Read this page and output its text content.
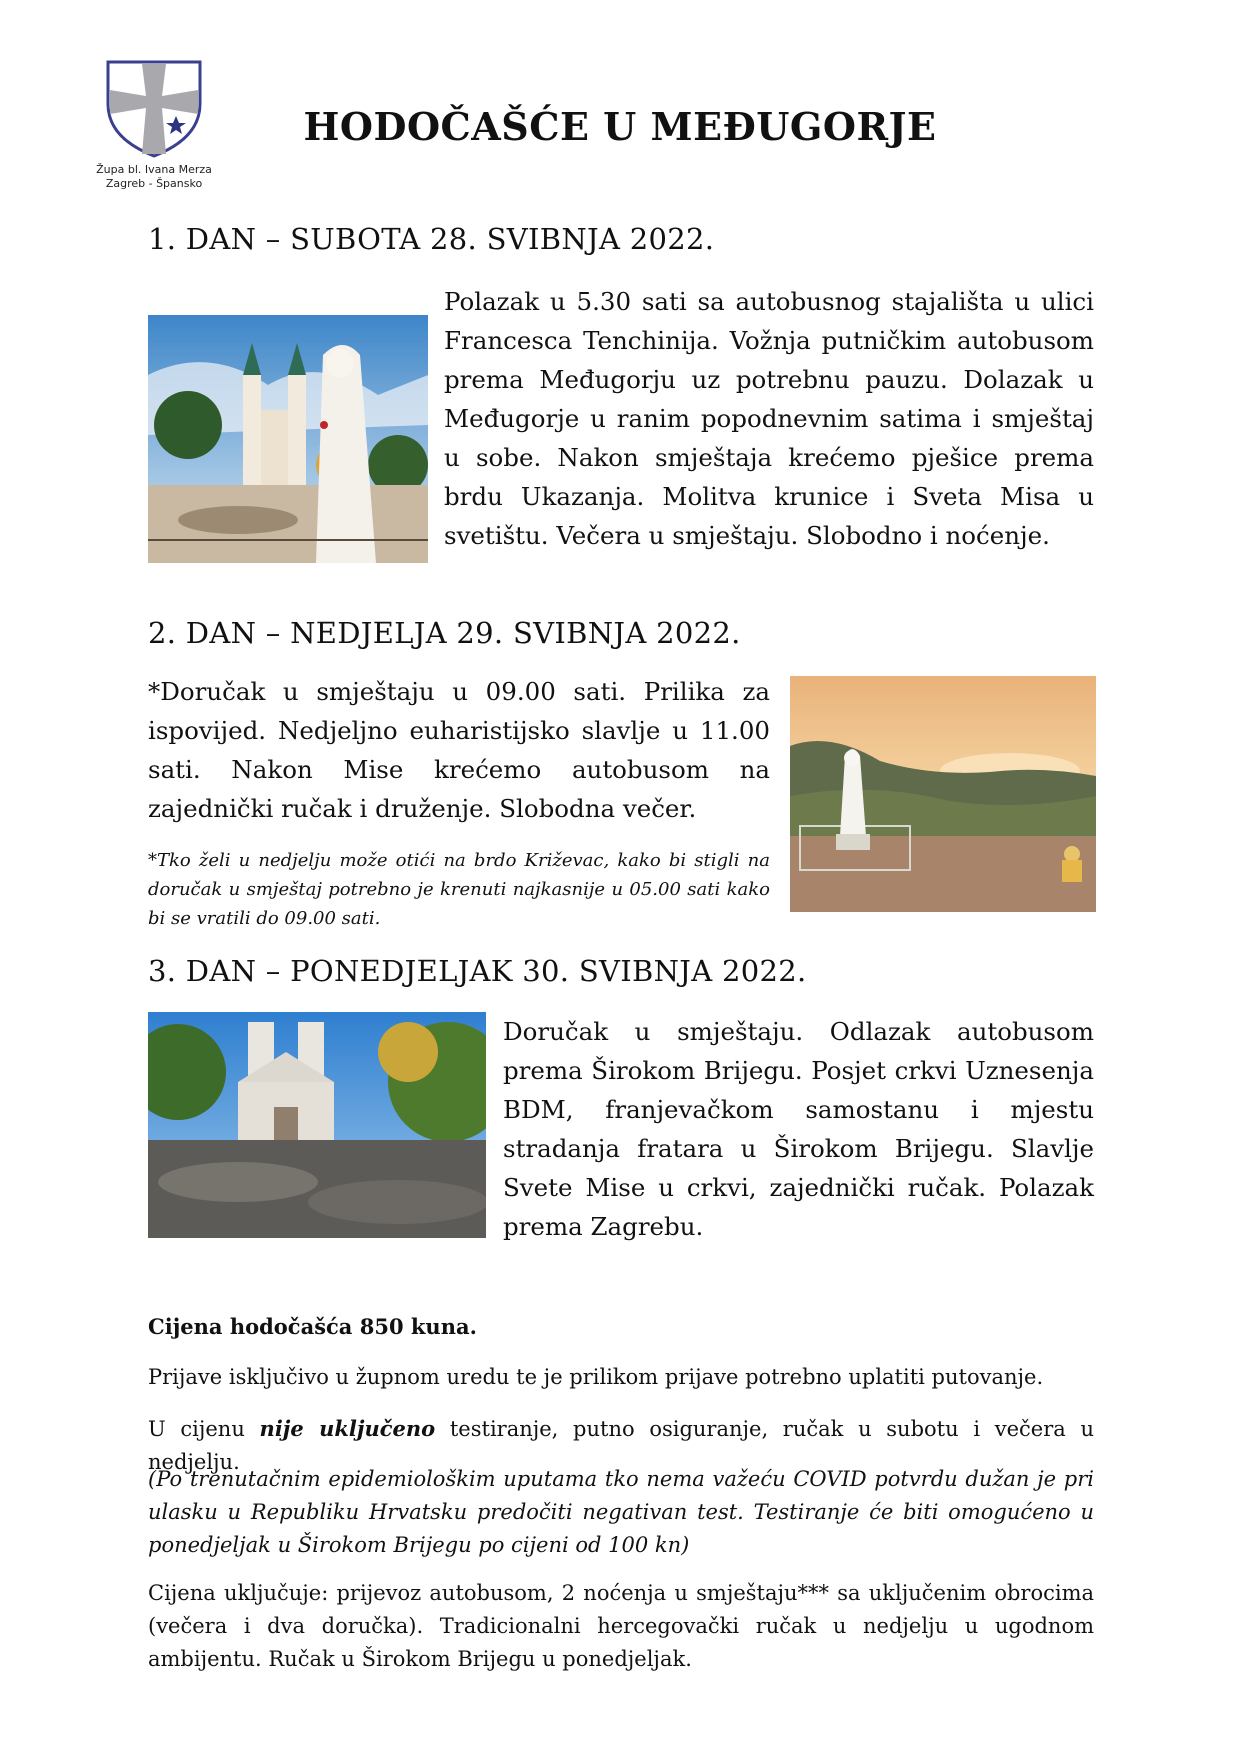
Župa bl. Ivana Merza
Zagreb - Špansko
HODOČAŠĆE U MEĐUGORJE
1. DAN – SUBOTA 28. SVIBNJA 2022.

Polazak u 5.30 sati sa autobusnog stajališta u ulici Francesca Tenchinija. Vožnja putničkim autobusom prema Međugorju uz potrebnu pauzu. Dolazak u Međugorje u ranim popodnevnim satima i smještaj u sobe. Nakon smještaja krećemo pješice prema brdu Ukazanja. Molitva krunice i Sveta Misa u svetištu. Večera u smještaju. Slobodno i noćenje.

2. DAN – NEDJELJA 29. SVIBNJA 2022.

*Doručak u smještaju u 09.00 sati. Prilika za ispovijed. Nedjeljno euharistijsko slavlje u 11.00 sati. Nakon Mise krećemo autobusom na zajednički ručak i druženje. Slobodna večer.

*Tko želi u nedjelju može otići na brdo Križevac, kako bi stigli na doručak u smještaj potrebno je krenuti najkasnije u 05.00 sati kako bi se vratili do 09.00 sati.

3. DAN – PONEDJELJAK 30. SVIBNJA 2022.

Doručak u smještaju. Odlazak autobusom prema Širokom Brijegu. Posjet crkvi Uznesenja BDM, franjevačkom samostanu i mjestu stradanja fratara u Širokom Brijegu. Slavlje Svete Mise u crkvi, zajednički ručak. Polazak prema Zagrebu.

Cijena hodočašća 850 kuna.

Prijave isključivo u župnom uredu te je prilikom prijave potrebno uplatiti putovanje.

U cijenu nije uključeno testiranje, putno osiguranje, ručak u subotu i večera u nedjelju.

(Po trenutačnim epidemiološkim uputama tko nema važeću COVID potvrdu dužan je pri ulasku u Republiku Hrvatsku predočiti negativan test. Testiranje će biti omogućeno u ponedjeljak u Širokom Brijegu po cijeni od 100 kn)

Cijena uključuje: prijevoz autobusom, 2 noćenja u smještaju*** sa uključenim obrocima (večera i dva doručka). Tradicionalni hercegovački ručak u nedjelju u ugodnom ambijentu. Ručak u Širokom Brijegu u ponedjeljak.
